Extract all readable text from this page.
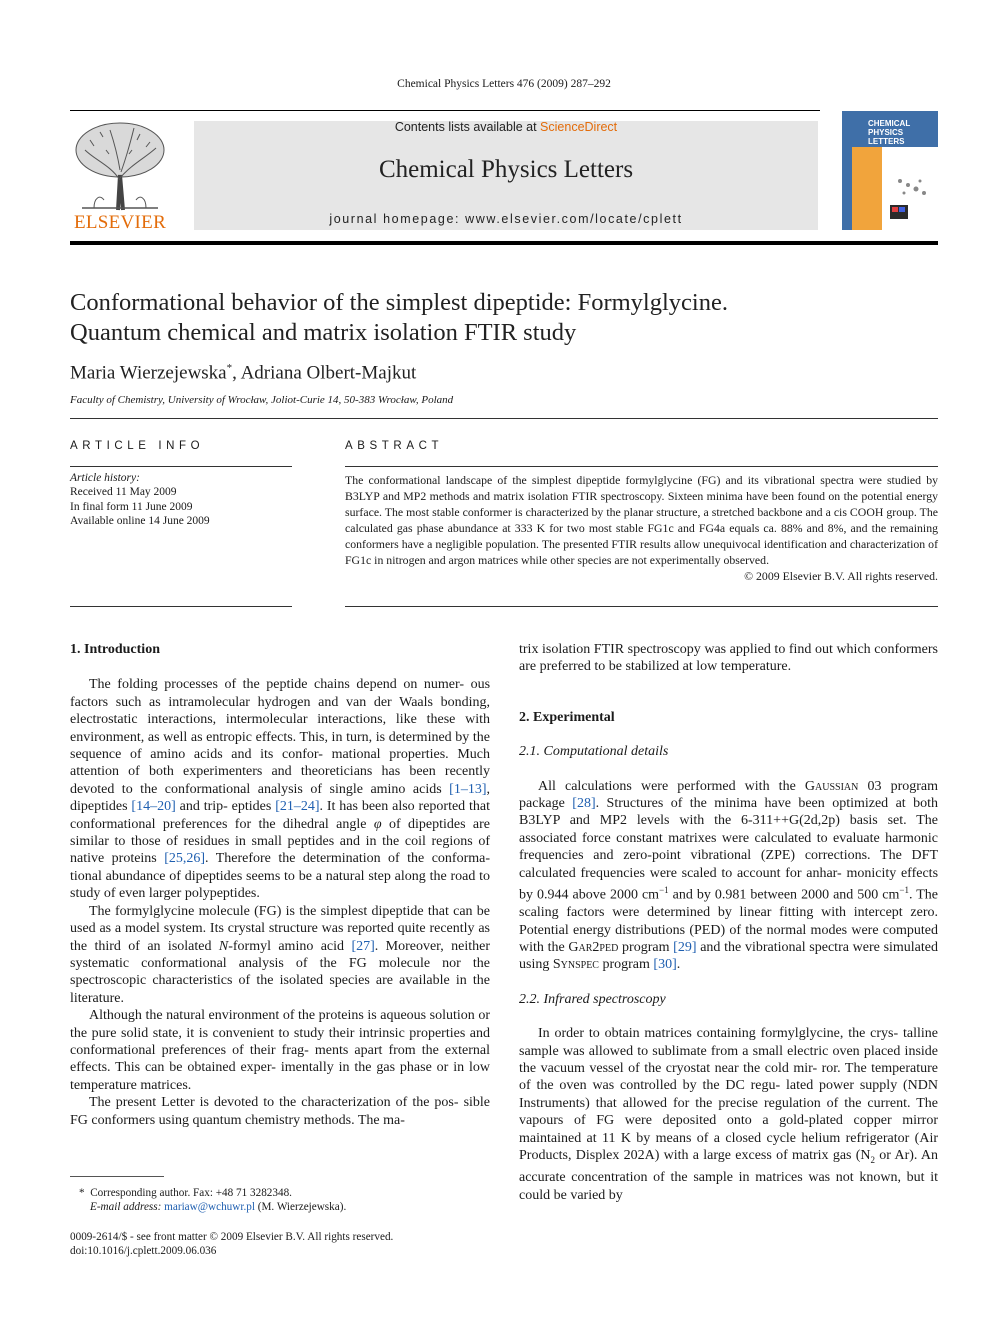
Chemical Physics Letters 476 (2009) 287–292
ELSEVIER
Contents lists available at ScienceDirect
Chemical Physics Letters
journal homepage: www.elsevier.com/locate/cplett
CHEMICAL
PHYSICS
LETTERS
Conformational behavior of the simplest dipeptide: Formylglycine.
Quantum chemical and matrix isolation FTIR study
Maria Wierzejewska*, Adriana Olbert-Majkut
Faculty of Chemistry, University of Wrocław, Joliot-Curie 14, 50-383 Wrocław, Poland
ARTICLE INFO
Article history:
Received 11 May 2009
In final form 11 June 2009
Available online 14 June 2009
ABSTRACT
The conformational landscape of the simplest dipeptide formylglycine (FG) and its vibrational spectra were studied by B3LYP and MP2 methods and matrix isolation FTIR spectroscopy. Sixteen minima have been found on the potential energy surface. The most stable conformer is characterized by the planar structure, a stretched backbone and a cis COOH group. The calculated gas phase abundance at 333 K for two most stable FG1c and FG4a equals ca. 88% and 8%, and the remaining conformers have a negligible population. The presented FTIR results allow unequivocal identification and characterization of FG1c in nitrogen and argon matrices while other species are not experimentally observed.
© 2009 Elsevier B.V. All rights reserved.
1. Introduction

The folding processes of the peptide chains depend on numer- ous factors such as intramolecular hydrogen and van der Waals bonding, electrostatic interactions, intermolecular interactions, like these with environment, as well as entropic effects. This, in turn, is determined by the sequence of amino acids and its confor- mational properties. Much attention of both experimenters and theoreticians has been recently devoted to the conformational analysis of single amino acids [1–13], dipeptides [14–20] and trip- eptides [21–24]. It has been also reported that conformational preferences for the dihedral angle φ of dipeptides are similar to those of residues in small peptides and in the coil regions of native proteins [25,26]. Therefore the determination of the conforma- tional abundance of dipeptides seems to be a natural step along the road to study of even larger polypeptides.

The formylglycine molecule (FG) is the simplest dipeptide that can be used as a model system. Its crystal structure was reported quite recently as the third of an isolated N-formyl amino acid [27]. Moreover, neither systematic conformational analysis of the FG molecule nor the spectroscopic characteristics of the isolated species are available in the literature.

Although the natural environment of the proteins is aqueous solution or the pure solid state, it is convenient to study their intrinsic properties and conformational preferences of their frag- ments apart from the external effects. This can be obtained exper- imentally in the gas phase or in low temperature matrices.

The present Letter is devoted to the characterization of the pos- sible FG conformers using quantum chemistry methods. The ma-

* Corresponding author. Fax: +48 71 3282348.
E-mail address: mariaw@wchuwr.pl (M. Wierzejewska).
0009-2614/$ - see front matter © 2009 Elsevier B.V. All rights reserved.
doi:10.1016/j.cplett.2009.06.036

trix isolation FTIR spectroscopy was applied to find out which conformers are preferred to be stabilized at low temperature.

2. Experimental
2.1. Computational details

All calculations were performed with the Gaussian 03 program package [28]. Structures of the minima have been optimized at both B3LYP and MP2 levels with the 6-311++G(2d,2p) basis set. The associated force constant matrixes were calculated to evaluate harmonic frequencies and zero-point vibrational (ZPE) corrections. The DFT calculated frequencies were scaled to account for anhar- monicity effects by 0.944 above 2000 $cm^{-1}$ and by 0.981 between 2000 and 500 $cm^{-1}$. The scaling factors were determined by linear fitting with intercept zero. Potential energy distributions (PED) of the normal modes were computed with the Gar2ped program [29] and the vibrational spectra were simulated using Synspec program [30].

2.2. Infrared spectroscopy

In order to obtain matrices containing formylglycine, the crys- talline sample was allowed to sublimate from a small electric oven placed inside the vacuum vessel of the cryostat near the cold mir- ror. The temperature of the oven was controlled by the DC regu- lated power supply (NDN Instruments) that allowed for the precise regulation of the current. The vapours of FG were deposited onto a gold-plated copper mirror maintained at 11 K by means of a closed cycle helium refrigerator (Air Products, Displex 202A) with a large excess of matrix gas ($N_2$ or Ar). An accurate concentration of the sample in matrices was not known, but it could be varied by
